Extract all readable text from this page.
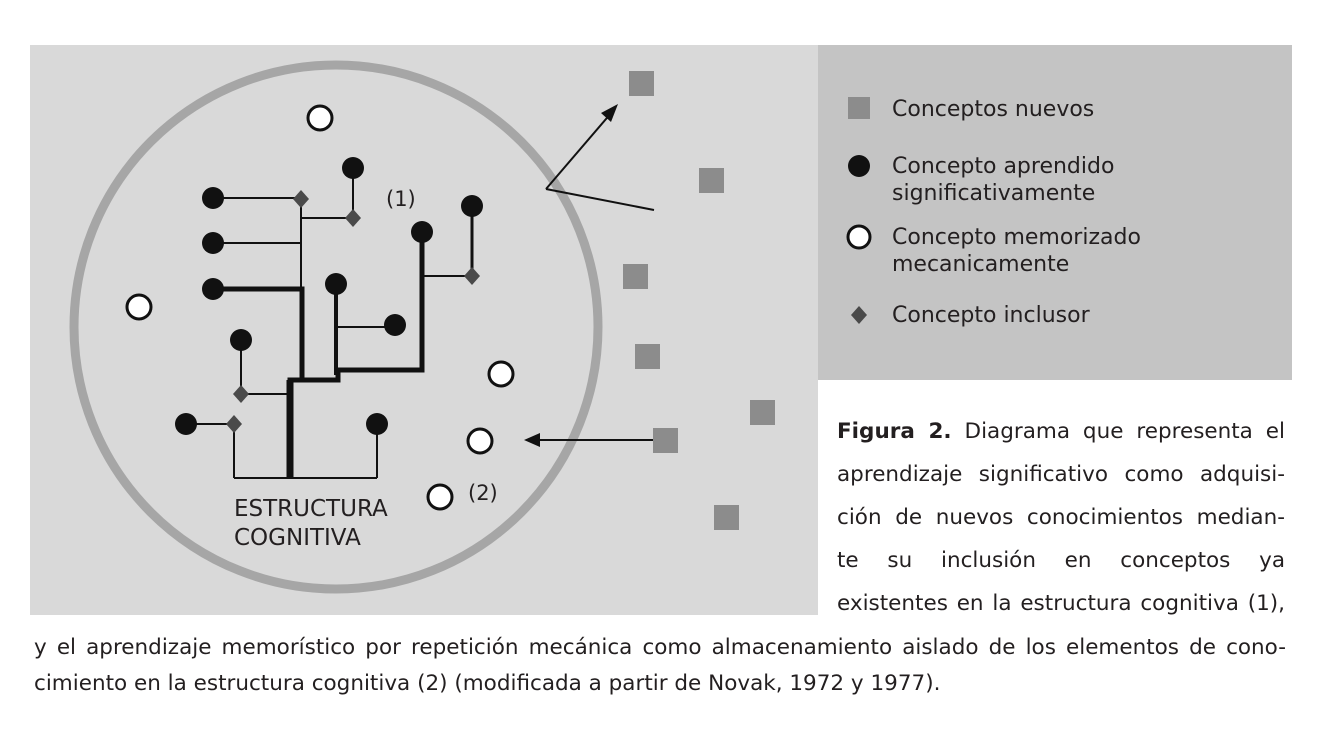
(1)
(2)
ESTRUCTURA
COGNITIVA
Conceptos nuevos
Concepto aprendido
significativamente
Concepto memorizado
mecanicamente
Concepto inclusor
Figura 2. Diagrama que representa el
aprendizaje significativo como adquisi-
ción de nuevos conocimientos median-
te su inclusión en conceptos ya
existentes en la estructura cognitiva (1),
y el aprendizaje memorístico por repetición mecánica como almacenamiento aislado de los elementos de cono-
cimiento en la estructura cognitiva (2) (modificada a partir de Novak, 1972 y 1977).
